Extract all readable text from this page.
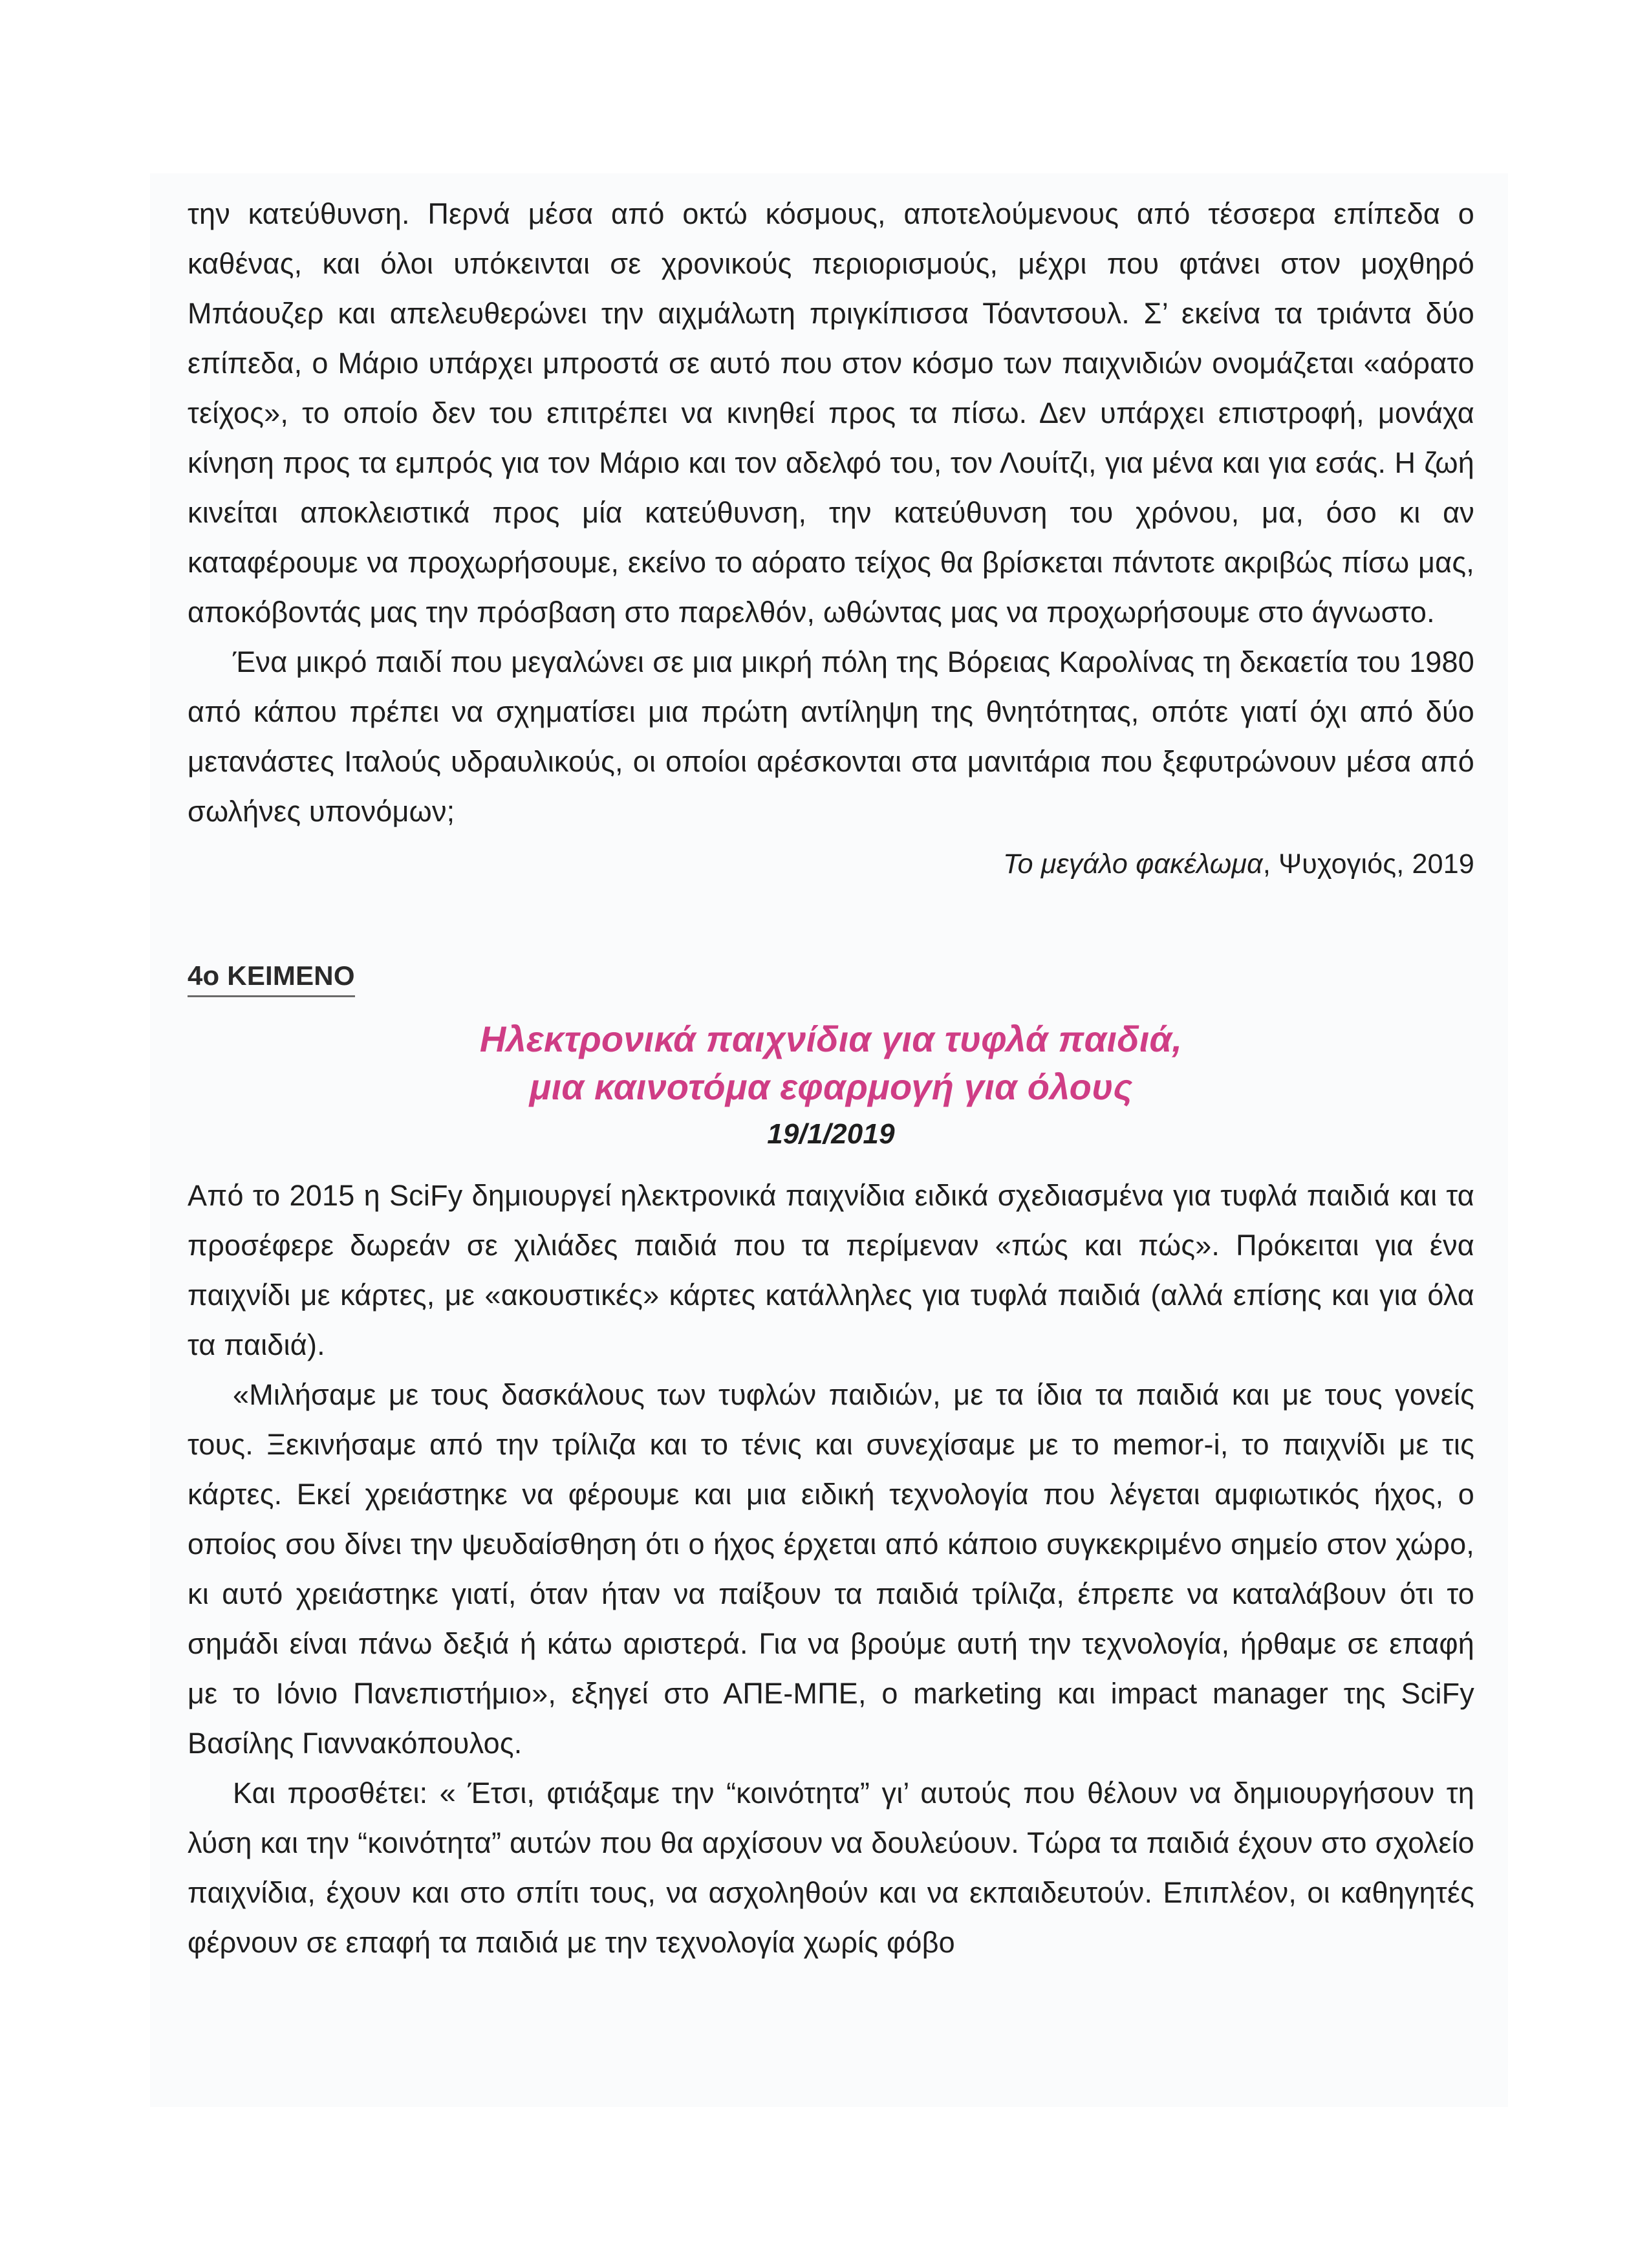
την κατεύθυνση. Περνά μέσα από οκτώ κόσμους, αποτελούμενους από τέσσερα επίπεδα ο καθένας, και όλοι υπόκεινται σε χρονικούς περιορισμούς, μέχρι που φτάνει στον μοχθηρό Μπάουζερ και απελευθερώνει την αιχμάλωτη πριγκίπισσα Τόαντσουλ. Σ’ εκείνα τα τριάντα δύο επίπεδα, ο Μάριο υπάρχει μπροστά σε αυτό που στον κόσμο των παιχνιδιών ονομάζεται «αόρατο τείχος», το οποίο δεν του επιτρέπει να κινηθεί προς τα πίσω. Δεν υπάρχει επιστροφή, μονάχα κίνηση προς τα εμπρός για τον Μάριο και τον αδελφό του, τον Λουίτζι, για μένα και για εσάς. Η ζωή κινείται αποκλειστικά προς μία κατεύθυνση, την κατεύθυνση του χρόνου, μα, όσο κι αν καταφέρουμε να προχωρήσουμε, εκείνο το αόρατο τείχος θα βρίσκεται πάντοτε ακριβώς πίσω μας, αποκόβοντάς μας την πρόσβαση στο παρελθόν, ωθώντας μας να προχωρήσουμε στο άγνωστο.

Ένα μικρό παιδί που μεγαλώνει σε μια μικρή πόλη της Βόρειας Καρολίνας τη δεκαετία του 1980 από κάπου πρέπει να σχηματίσει μια πρώτη αντίληψη της θνητότητας, οπότε γιατί όχι από δύο μετανάστες Ιταλούς υδραυλικούς, οι οποίοι αρέσκονται στα μανιτάρια που ξεφυτρώνουν μέσα από σωλήνες υπονόμων;

Το μεγάλο φακέλωμα, Ψυχογιός, 2019

4ο ΚΕΙΜΕΝΟ
Ηλεκτρονικά παιχνίδια για τυφλά παιδιά,
μια καινοτόμα εφαρμογή για όλους
19/1/2019

Από το 2015 η SciFy δημιουργεί ηλεκτρονικά παιχνίδια ειδικά σχεδιασμένα για τυφλά παιδιά και τα προσέφερε δωρεάν σε χιλιάδες παιδιά που τα περίμεναν «πώς και πώς». Πρόκειται για ένα παιχνίδι με κάρτες, με «ακουστικές» κάρτες κατάλληλες για τυφλά παιδιά (αλλά επίσης και για όλα τα παιδιά).

«Μιλήσαμε με τους δασκάλους των τυφλών παιδιών, με τα ίδια τα παιδιά και με τους γονείς τους. Ξεκινήσαμε από την τρίλιζα και το τένις και συνεχίσαμε με το memor-i, το παιχνίδι με τις κάρτες. Εκεί χρειάστηκε να φέρουμε και μια ειδική τεχνολογία που λέγεται αμφιωτικός ήχος, ο οποίος σου δίνει την ψευδαίσθηση ότι ο ήχος έρχεται από κάποιο συγκεκριμένο σημείο στον χώρο, κι αυτό χρειάστηκε γιατί, όταν ήταν να παίξουν τα παιδιά τρίλιζα, έπρεπε να καταλάβουν ότι το σημάδι είναι πάνω δεξιά ή κάτω αριστερά. Για να βρούμε αυτή την τεχνολογία, ήρθαμε σε επαφή με το Ιόνιο Πανεπιστήμιο», εξηγεί στο ΑΠΕ-ΜΠΕ, ο marketing και impact manager της SciFy Βασίλης Γιαννακόπουλος.

Και προσθέτει: « Έτσι, φτιάξαμε την “κοινότητα” γι’ αυτούς που θέλουν να δημιουργήσουν τη λύση και την “κοινότητα” αυτών που θα αρχίσουν να δουλεύουν. Τώρα τα παιδιά έχουν στο σχολείο παιχνίδια, έχουν και στο σπίτι τους, να ασχοληθούν και να εκπαιδευτούν. Επιπλέον, οι καθηγητές φέρνουν σε επαφή τα παιδιά με την τεχνολογία χωρίς φόβο
